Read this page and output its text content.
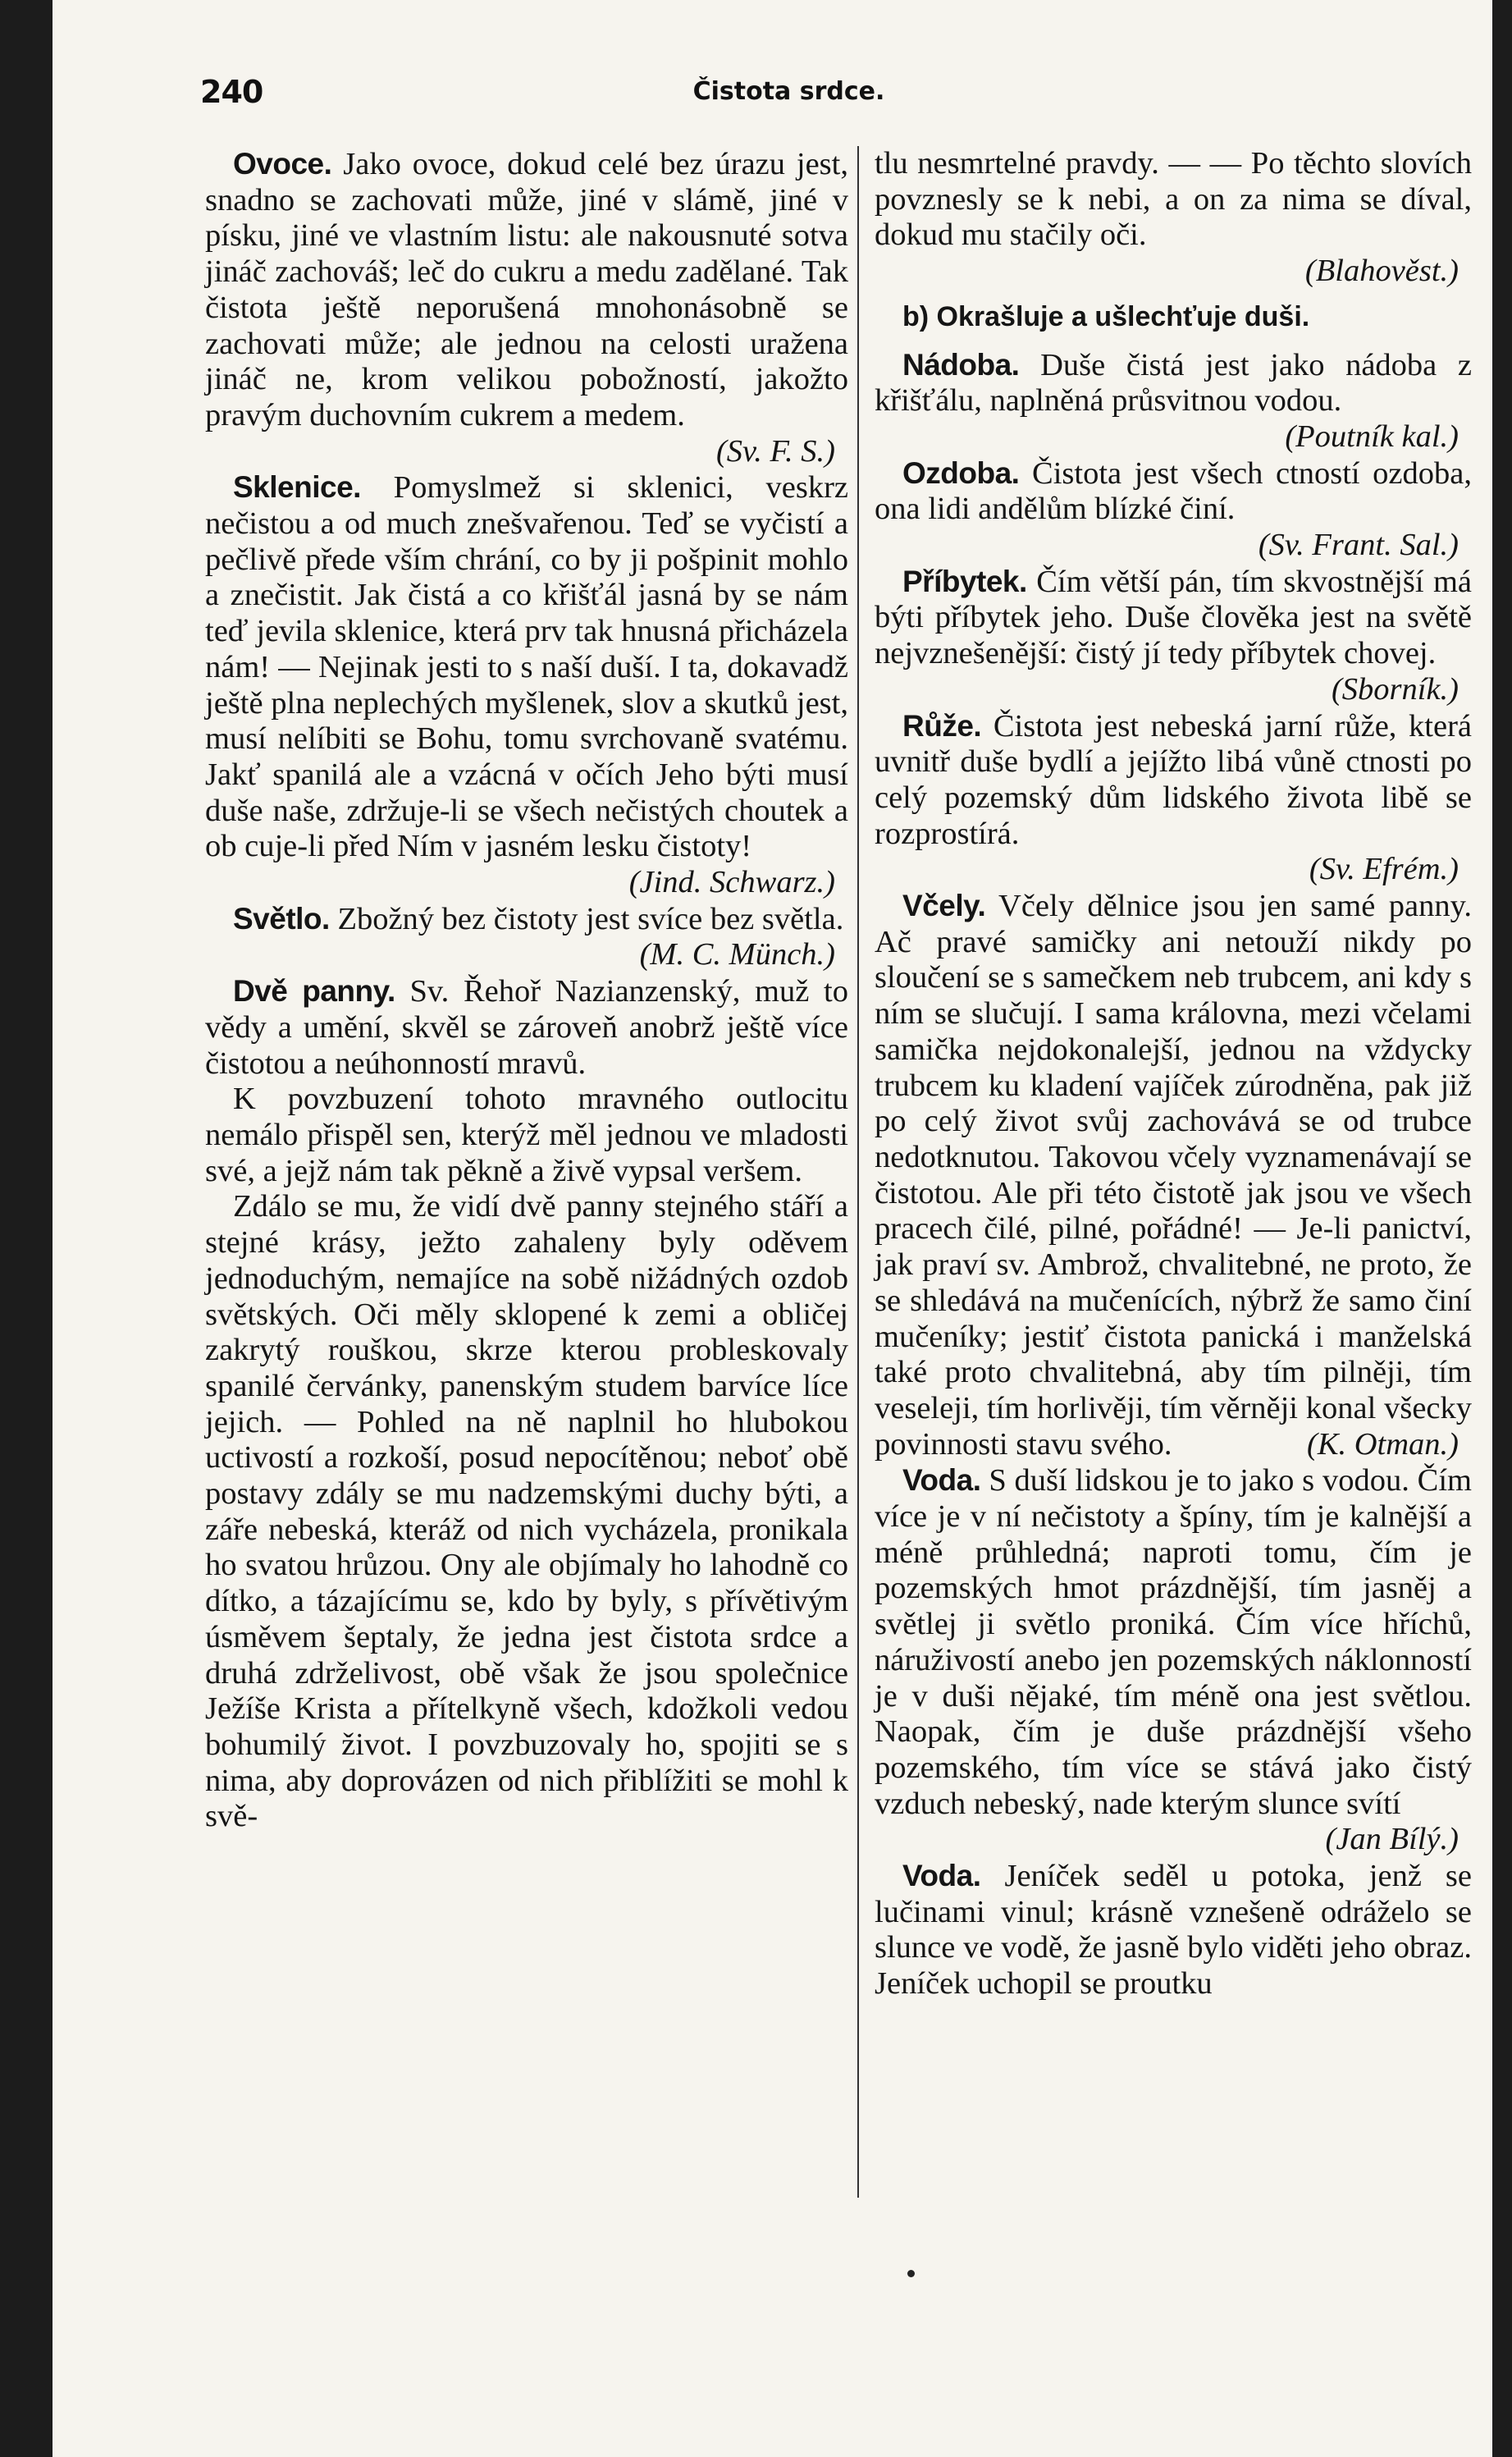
240	Čistota srdce.

Ovoce. Jako ovoce, dokud celé bez úrazu jest, snadno se zachovati může, jiné v slámě, jiné v písku, jiné ve vlastním listu: ale nakousnuté sotva jináč zachováš; leč do cukru a medu zadělané. Tak čistota ještě neporušená mnohonásobně se zachovati může; ale jednou na celosti uražena jináč ne, krom velikou pobožností, jakožto pravým duchovním cukrem a medem.
(Sv. F. S.)

Sklenice. Pomyslmež si sklenici, veskrz nečistou a od much znešvařenou. Teď se vyčistí a pečlivě přede vším chrání, co by ji pošpinit mohlo a znečistit. Jak čistá a co křišťál jasná by se nám teď jevila sklenice, která prv tak hnusná přicházela nám! — Nejinak jesti to s naší duší. I ta, dokavadž ještě plna neplechých myšlenek, slov a skutků jest, musí nelíbiti se Bohu, tomu svrchovaně svatému. Jakť spanilá ale a vzácná v očích Jeho býti musí duše naše, zdržuje-li se všech nečistých choutek a ob cuje-li před Ním v jasném lesku čistoty!
(Jind. Schwarz.)

Světlo. Zbožný bez čistoty jest svíce bez světla.
(M. C. Münch.)

Dvě panny. Sv. Řehoř Nazianzenský, muž to vědy a umění, skvěl se zároveň anobrž ještě více čistotou a neúhonností mravů.

K povzbuzení tohoto mravného outlocitu nemálo přispěl sen, kterýž měl jednou ve mladosti své, a jejž nám tak pěkně a živě vypsal veršem.

Zdálo se mu, že vidí dvě panny stejného stáří a stejné krásy, ježto zahaleny byly oděvem jednoduchým, nemajíce na sobě nižádných ozdob světských. Oči měly sklopené k zemi a obličej zakrytý rouškou, skrze kterou probleskovaly spanilé červánky, panenským studem barvíce líce jejich. — Pohled na ně naplnil ho hlubokou uctivostí a rozkoší, posud nepocítěnou; neboť obě postavy zdály se mu nadzemskými duchy býti, a záře nebeská, kteráž od nich vycházela, pronikala ho svatou hrůzou. Ony ale objímaly ho lahodně co dítko, a tázajícímu se, kdo by byly, s přívětivým úsměvem šeptaly, že jedna jest čistota srdce a druhá zdrželivost, obě však že jsou společnice Ježíše Krista a přítelkyně všech, kdožkoli vedou bohumilý život. I povzbuzovaly ho, spojiti se s nima, aby doprovázen od nich přiblížiti se mohl k svě-

tlu nesmrtelné pravdy. — — Po těchto slovích povznesly se k nebi, a on za nima se díval, dokud mu stačily oči.
(Blahověst.)

b) Okrašluje a ušlechťuje duši.

Nádoba. Duše čistá jest jako nádoba z křišťálu, naplněná průsvitnou vodou.
(Poutník kal.)

Ozdoba. Čistota jest všech ctností ozdoba, ona lidi andělům blízké činí.
(Sv. Frant. Sal.)

Příbytek. Čím větší pán, tím skvostnější má býti příbytek jeho. Duše člověka jest na světě nejvznešenější: čistý jí tedy příbytek chovej.
(Sborník.)

Růže. Čistota jest nebeská jarní růže, která uvnitř duše bydlí a jejížto libá vůně ctnosti po celý pozemský dům lidského života libě se rozprostírá.
(Sv. Efrém.)

Včely. Včely dělnice jsou jen samé panny. Ač pravé samičky ani netouží nikdy po sloučení se s samečkem neb trubcem, ani kdy s ním se slučují. I sama královna, mezi včelami samička nejdokonalejší, jednou na vždycky trubcem ku kladení vajíček zúrodněna, pak již po celý život svůj zachovává se od trubce nedotknutou. Takovou včely vyznamenávají se čistotou. Ale při této čistotě jak jsou ve všech pracech čilé, pilné, pořádné! — Je-li panictví, jak praví sv. Ambrož, chvalitebné, ne proto, že se shledává na mučenících, nýbrž že samo činí mučeníky; jestiť čistota panická i manželská také proto chvalitebná, aby tím pilněji, tím veseleji, tím horlivěji, tím věrněji konal všecky povinnosti stavu svého.	(K. Otman.)

Voda. S duší lidskou je to jako s vodou. Čím více je v ní nečistoty a špíny, tím je kalnější a méně průhledná; naproti tomu, čím je pozemských hmot prázdnější, tím jasněj a světlej ji světlo proniká. Čím více hříchů, náruživostí anebo jen pozemských náklonností je v duši nějaké, tím méně ona jest světlou. Naopak, čím je duše prázdnější všeho pozemského, tím více se stává jako čistý vzduch nebeský, nade kterým slunce svítí
(Jan Bílý.)

Voda. Jeníček seděl u potoka, jenž se lučinami vinul; krásně vznešeně odráželo se slunce ve vodě, že jasně bylo viděti jeho obraz. Jeníček uchopil se proutku
